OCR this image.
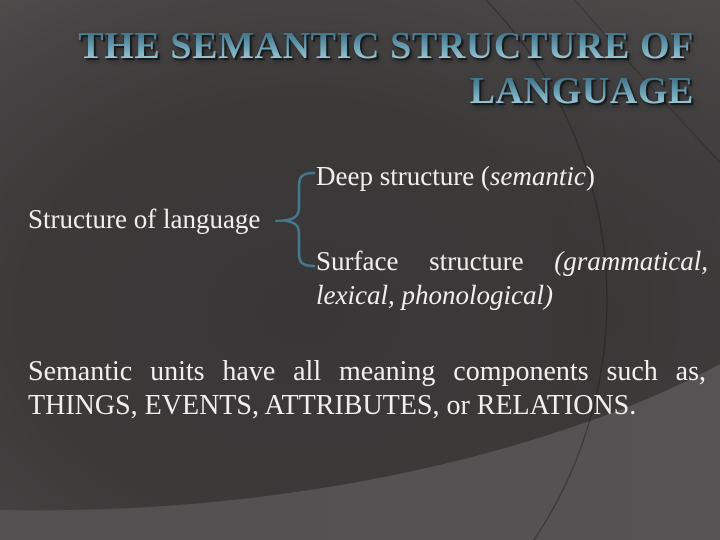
THE SEMANTIC STRUCTURE OF
LANGUAGE
Structure of language
Deep structure (semantic)
Surface structure (grammatical,
lexical, phonological)
Semantic units have all meaning components such as,
THINGS, EVENTS, ATTRIBUTES, or RELATIONS.
